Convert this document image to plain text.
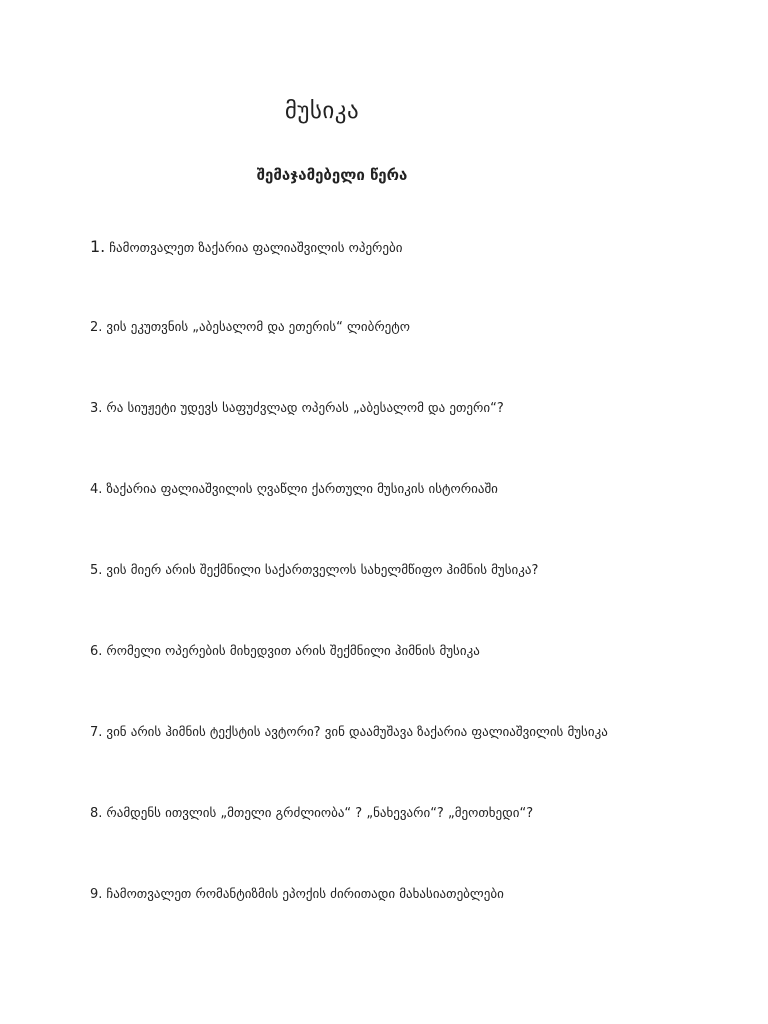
მუსიკა
შემაჯამებელი წერა
1. ჩამოთვალეთ ზაქარია ფალიაშვილის ოპერები
2. ვის ეკუთვნის „აბესალომ და ეთერის“ ლიბრეტო
3. რა სიუჟეტი უდევს საფუძვლად ოპერას „აბესალომ და ეთერი“?
4. ზაქარია ფალიაშვილის ღვაწლი ქართული მუსიკის ისტორიაში
5. ვის მიერ არის შექმნილი საქართველოს სახელმწიფო ჰიმნის მუსიკა?
6. რომელი ოპერების მიხედვით არის შექმნილი ჰიმნის მუსიკა
7. ვინ არის ჰიმნის ტექსტის ავტორი? ვინ დაამუშავა ზაქარია ფალიაშვილის მუსიკა
8. რამდენს ითვლის „მთელი გრძლიობა“ ? „ნახევარი“? „მეოთხედი“?
9. ჩამოთვალეთ რომანტიზმის ეპოქის ძირითადი მახასიათებლები
